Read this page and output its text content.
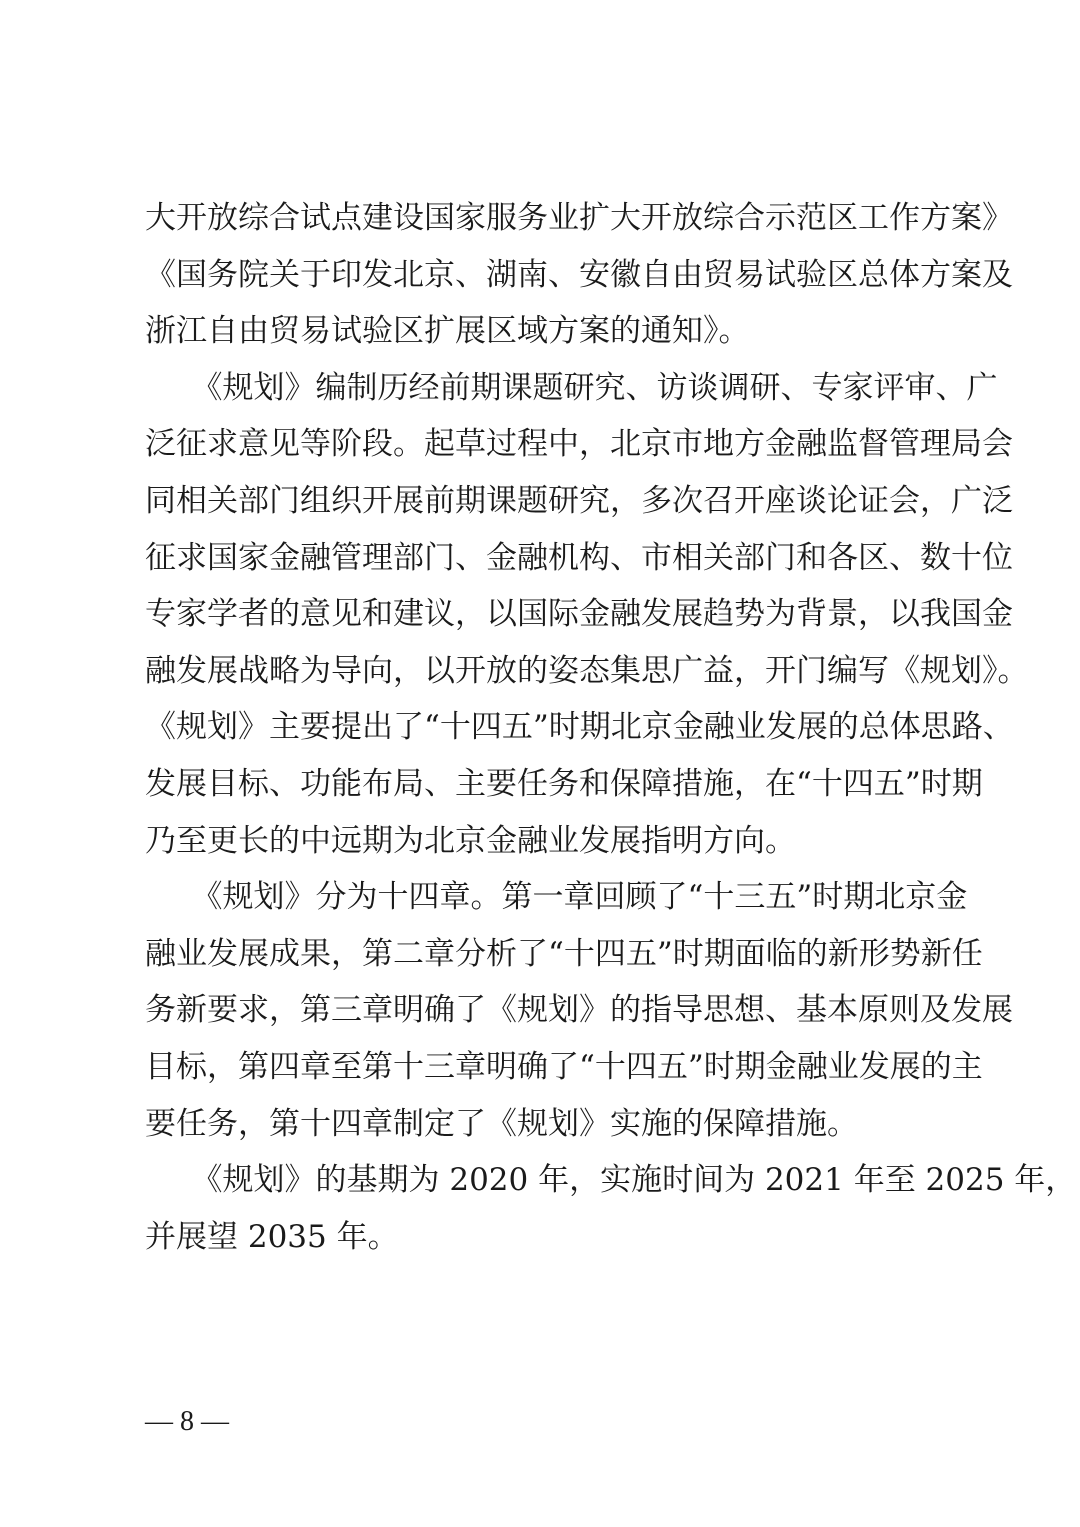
大开放综合试点建设国家服务业扩大开放综合示范区工作方案》
《国务院关于印发北京、湖南、安徽自由贸易试验区总体方案及
浙江自由贸易试验区扩展区域方案的通知》。
　　《规划》编制历经前期课题研究、访谈调研、专家评审、广
泛征求意见等阶段。起草过程中，北京市地方金融监督管理局会
同相关部门组织开展前期课题研究，多次召开座谈论证会，广泛
征求国家金融管理部门、金融机构、市相关部门和各区、数十位
专家学者的意见和建议，以国际金融发展趋势为背景，以我国金
融发展战略为导向，以开放的姿态集思广益，开门编写《规划》。
《规划》主要提出了“十四五”时期北京金融业发展的总体思路、
发展目标、功能布局、主要任务和保障措施，在“十四五”时期
乃至更长的中远期为北京金融业发展指明方向。
　　《规划》分为十四章。第一章回顾了“十三五”时期北京金
融业发展成果，第二章分析了“十四五”时期面临的新形势新任
务新要求，第三章明确了《规划》的指导思想、基本原则及发展
目标，第四章至第十三章明确了“十四五”时期金融业发展的主
要任务，第十四章制定了《规划》实施的保障措施。
　　《规划》的基期为 2020 年，实施时间为 2021 年至 2025 年，
并展望 2035 年。
— 8 —
